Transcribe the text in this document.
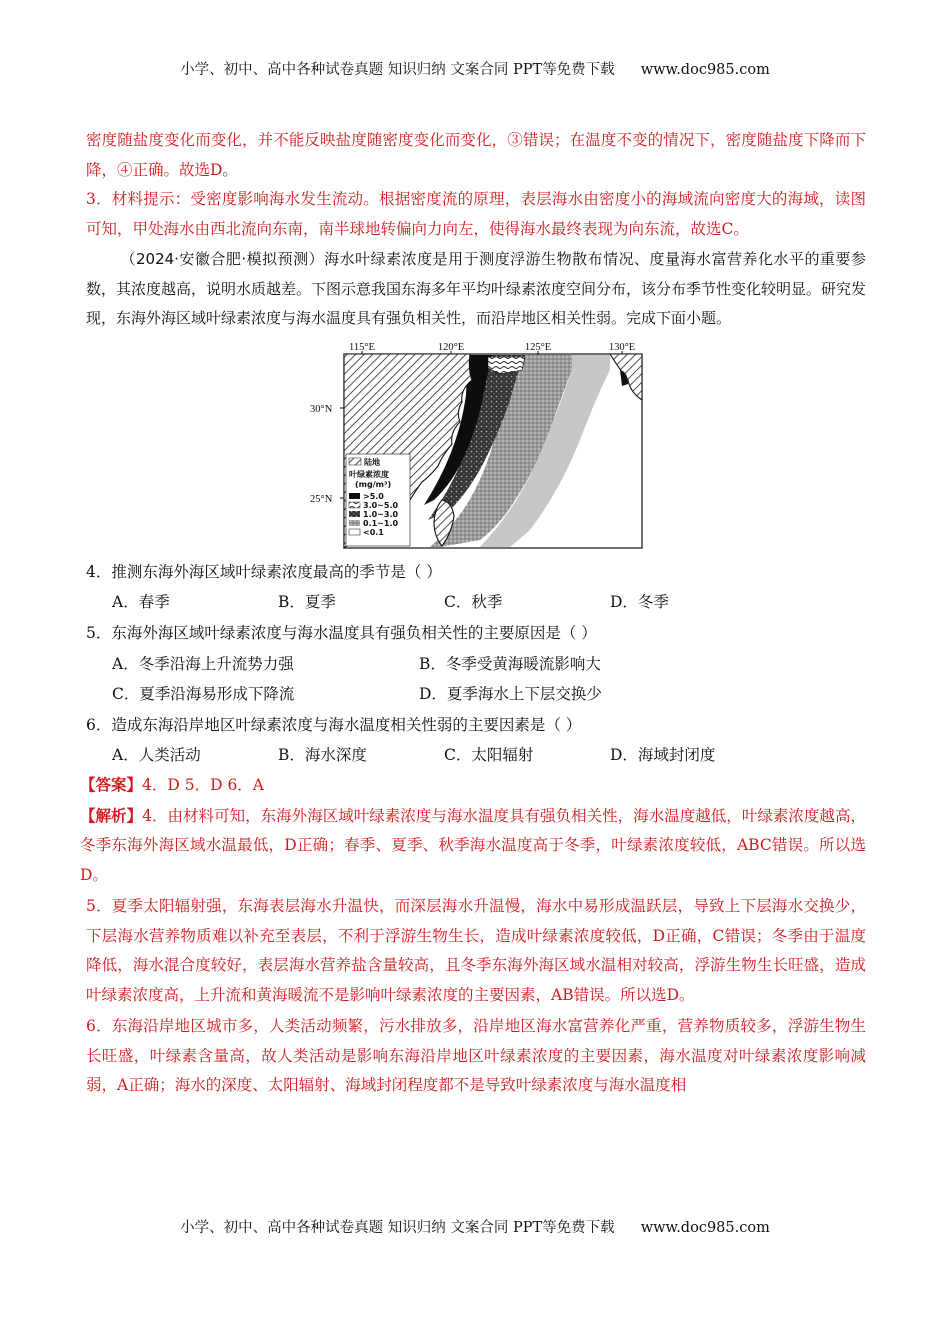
小学、初中、高中各种试卷真题 知识归纳 文案合同 PPT等免费下载 www.doc985.com

密度随盐度变化而变化，并不能反映盐度随密度变化而变化，③错误；在温度不变的情况下，密度随盐度下降而下降，④正确。故选D。

3．材料提示：受密度影响海水发生流动。根据密度流的原理，表层海水由密度小的海域流向密度大的海域，读图可知，甲处海水由西北流向东南，南半球地转偏向力向左，使得海水最终表现为向东流，故选C。

（2024·安徽合肥·模拟预测）海水叶绿素浓度是用于测度浮游生物散布情况、度量海水富营养化水平的重要参数，其浓度越高，说明水质越差。下图示意我国东海多年平均叶绿素浓度空间分布，该分布季节性变化较明显。研究发现，东海外海区域叶绿素浓度与海水温度具有强负相关性，而沿岸地区相关性弱。完成下面小题。

115°E	120°E	125°E	130°E
30°N
25°N
陆地
叶绿素浓度
(mg/m³)
>5.0
3.0~5.0
1.0~3.0
0.1~1.0
<0.1

4．推测东海外海区域叶绿素浓度最高的季节是（ ）

A．春季	B．夏季	C．秋季	D．冬季

5．东海外海区域叶绿素浓度与海水温度具有强负相关性的主要原因是（ ）

A．冬季沿海上升流势力强	B．冬季受黄海暖流影响大
C．夏季沿海易形成下降流	D．夏季海水上下层交换少

6．造成东海沿岸地区叶绿素浓度与海水温度相关性弱的主要因素是（ ）

A．人类活动	B．海水深度	C．太阳辐射	D．海域封闭度

【答案】4．D 5．D 6．A

【解析】4．由材料可知，东海外海区域叶绿素浓度与海水温度具有强负相关性，海水温度越低，叶绿素浓度越高，冬季东海外海区域水温最低，D正确；春季、夏季、秋季海水温度高于冬季，叶绿素浓度较低，ABC错误。所以选D。

5．夏季太阳辐射强，东海表层海水升温快，而深层海水升温慢，海水中易形成温跃层，导致上下层海水交换少，下层海水营养物质难以补充至表层，不利于浮游生物生长，造成叶绿素浓度较低，D正确，C错误；冬季由于温度降低，海水混合度较好，表层海水营养盐含量较高，且冬季东海外海区域水温相对较高，浮游生物生长旺盛，造成叶绿素浓度高，上升流和黄海暖流不是影响叶绿素浓度的主要因素，AB错误。所以选D。

6．东海沿岸地区城市多，人类活动频繁，污水排放多，沿岸地区海水富营养化严重，营养物质较多，浮游生物生长旺盛，叶绿素含量高，故人类活动是影响东海沿岸地区叶绿素浓度的主要因素，海水温度对叶绿素浓度影响减弱，A正确；海水的深度、太阳辐射、海域封闭程度都不是导致叶绿素浓度与海水温度相

小学、初中、高中各种试卷真题 知识归纳 文案合同 PPT等免费下载 www.doc985.com
